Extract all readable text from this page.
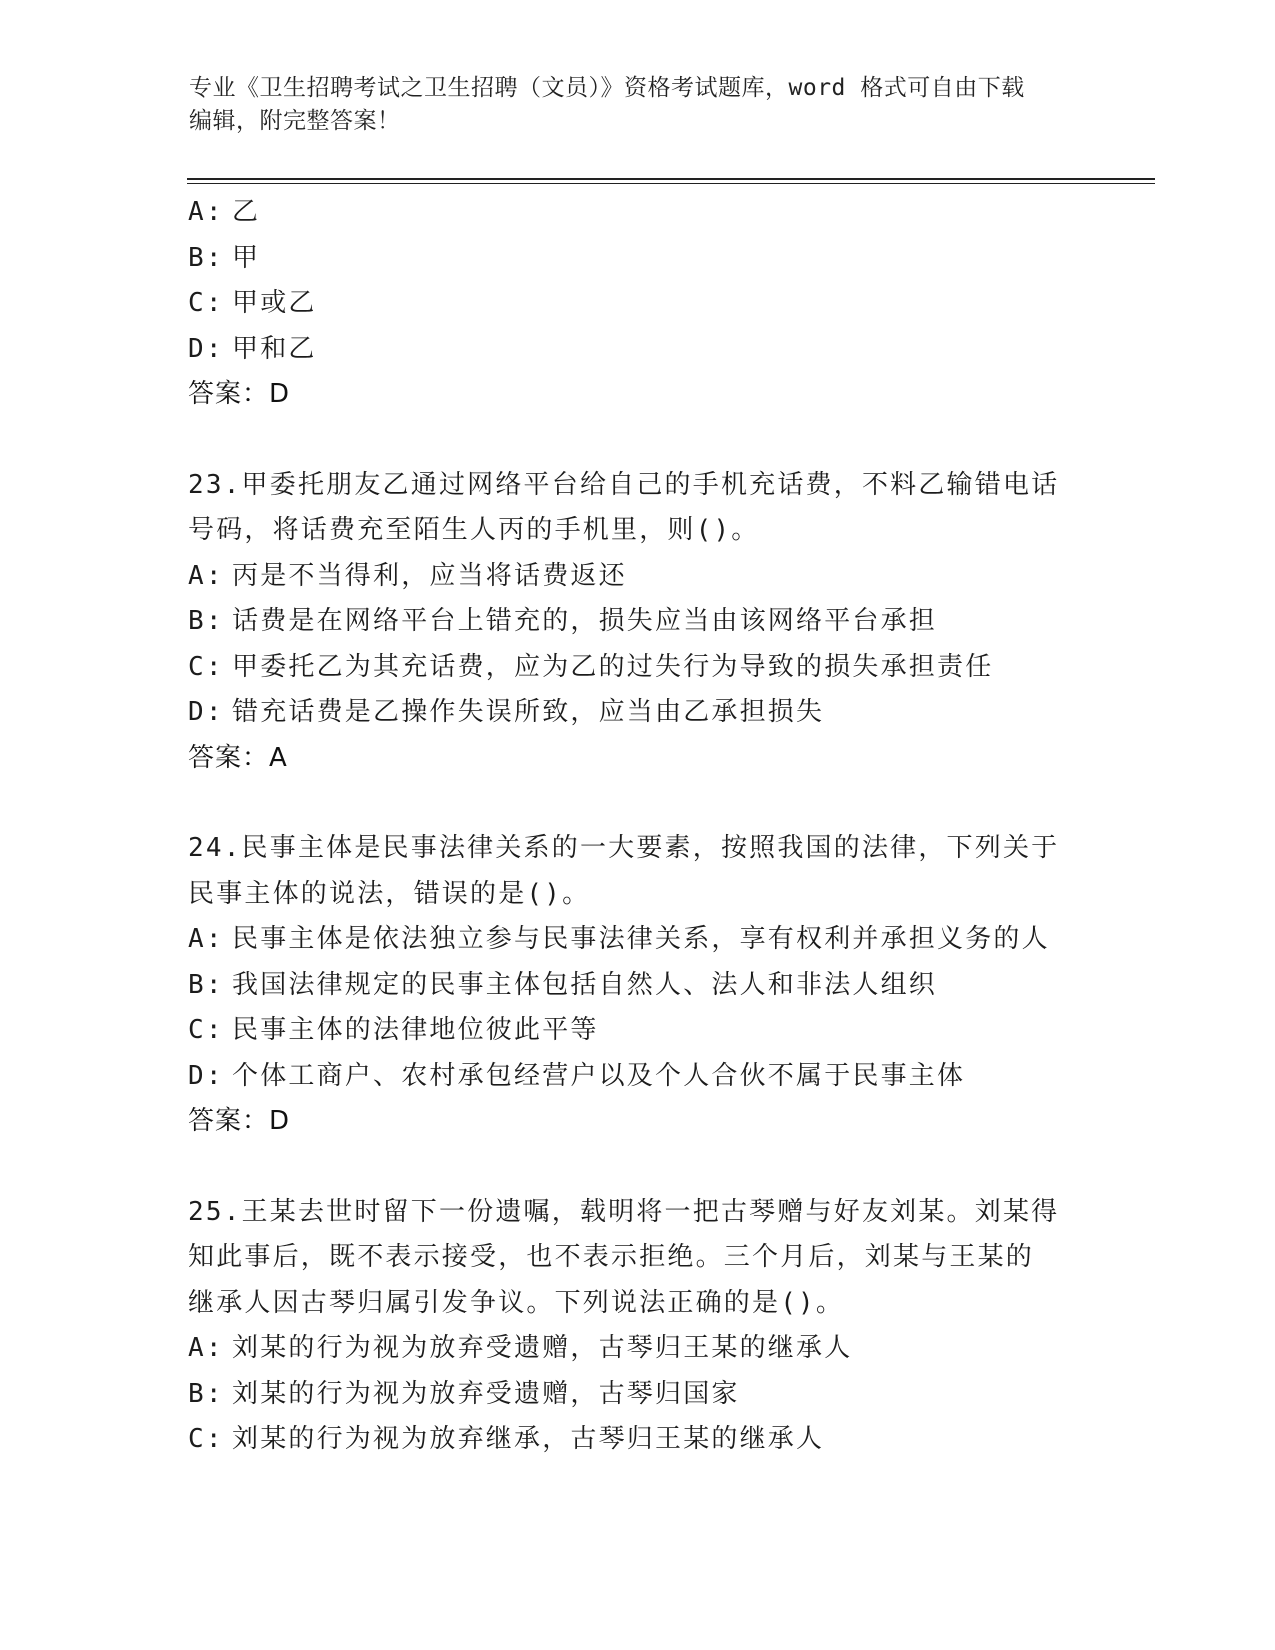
专业《卫生招聘考试之卫生招聘（文员）》资格考试题库，word 格式可自由下载
编辑，附完整答案！
A: 乙
B: 甲
C: 甲或乙
D: 甲和乙
答案：D
23.甲委托朋友乙通过网络平台给自己的手机充话费，不料乙输错电话
号码，将话费充至陌生人丙的手机里，则()。
A: 丙是不当得利，应当将话费返还
B: 话费是在网络平台上错充的，损失应当由该网络平台承担
C: 甲委托乙为其充话费，应为乙的过失行为导致的损失承担责任
D: 错充话费是乙操作失误所致，应当由乙承担损失
答案：A
24.民事主体是民事法律关系的一大要素，按照我国的法律，下列关于
民事主体的说法，错误的是()。
A: 民事主体是依法独立参与民事法律关系，享有权利并承担义务的人
B: 我国法律规定的民事主体包括自然人、法人和非法人组织
C: 民事主体的法律地位彼此平等
D: 个体工商户、农村承包经营户以及个人合伙不属于民事主体
答案：D
25.王某去世时留下一份遗嘱，载明将一把古琴赠与好友刘某。刘某得
知此事后，既不表示接受，也不表示拒绝。三个月后，刘某与王某的
继承人因古琴归属引发争议。下列说法正确的是()。
A: 刘某的行为视为放弃受遗赠，古琴归王某的继承人
B: 刘某的行为视为放弃受遗赠，古琴归国家
C: 刘某的行为视为放弃继承，古琴归王某的继承人
